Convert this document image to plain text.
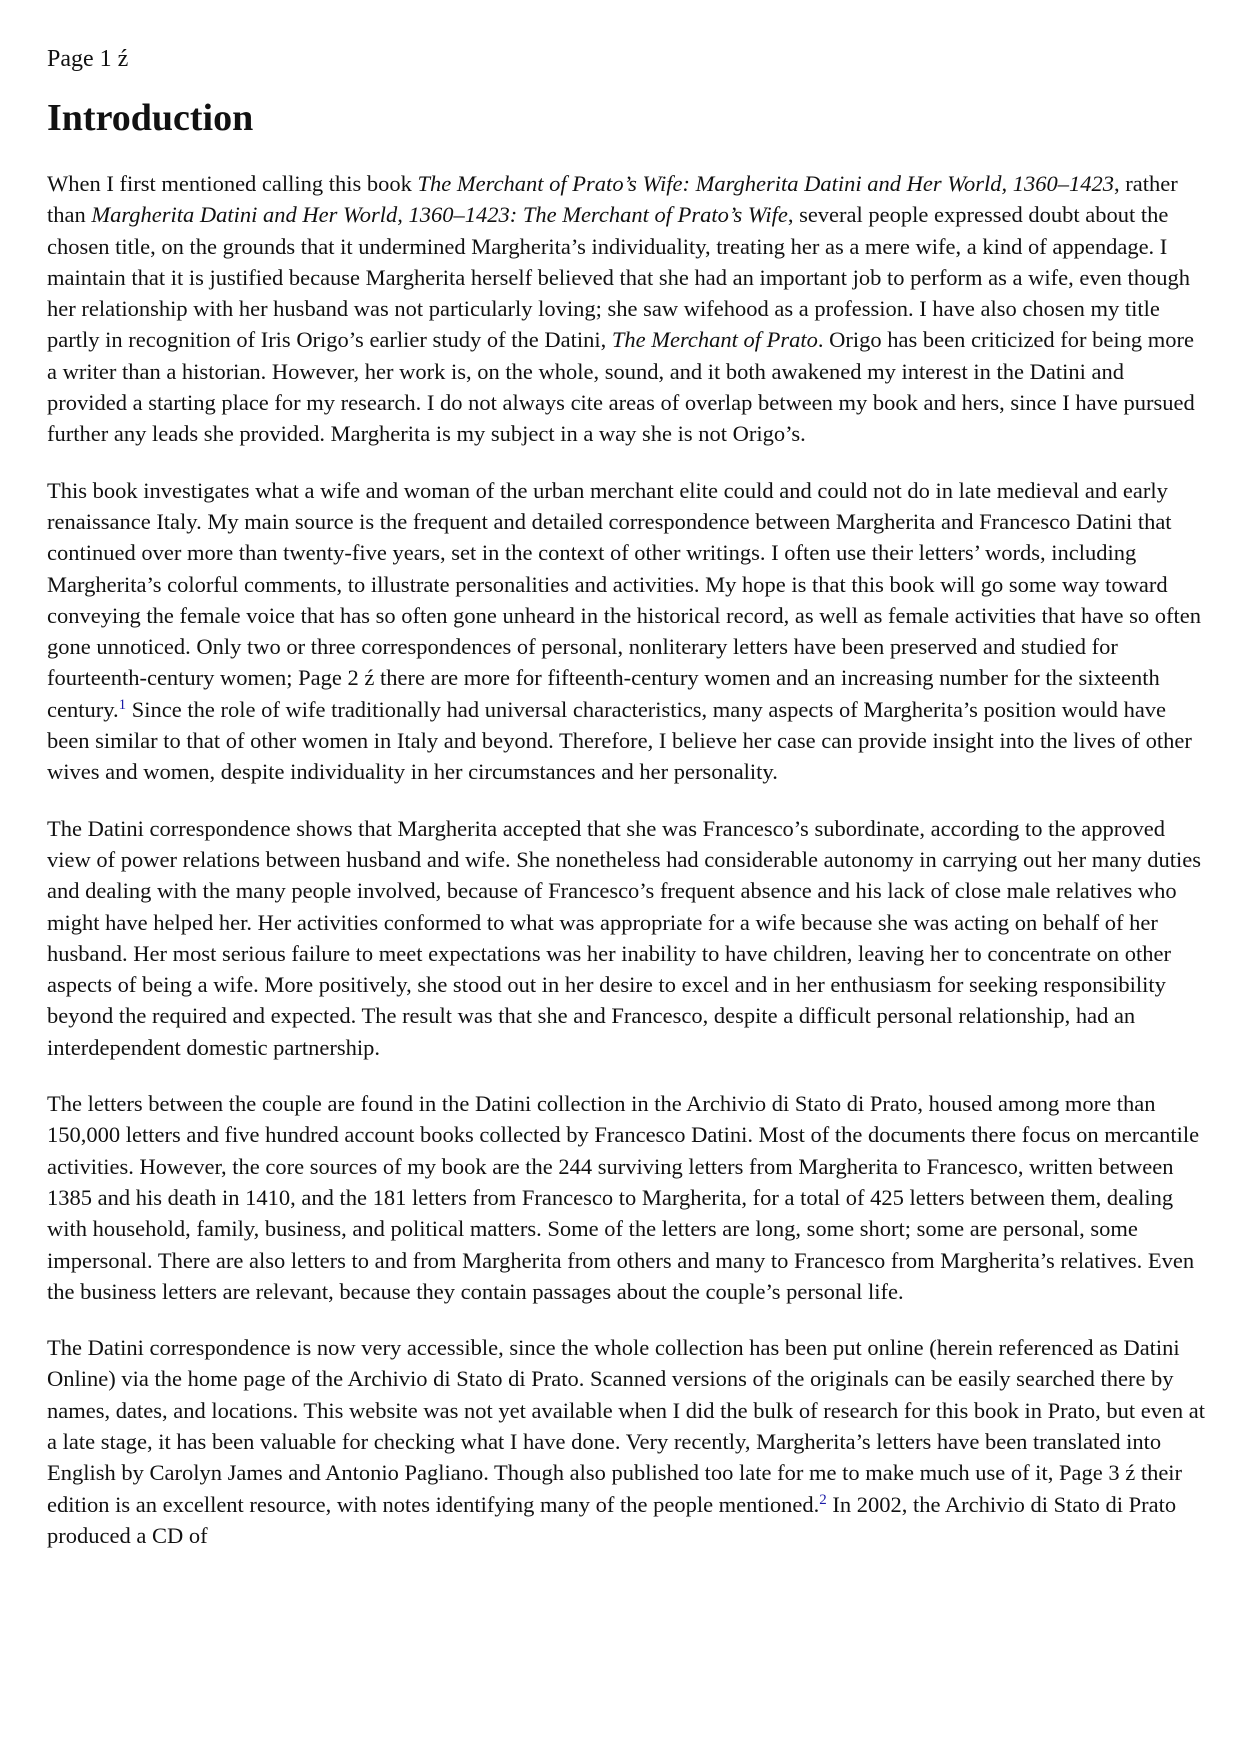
Page 1 ź
Introduction

When I first mentioned calling this book The Merchant of Prato’s Wife: Margherita Datini and Her World, 1360–1423, rather than Margherita Datini and Her World, 1360–1423: The Merchant of Prato’s Wife, several people expressed doubt about the chosen title, on the grounds that it undermined Margherita’s individuality, treating her as a mere wife, a kind of appendage. I maintain that it is justified because Margherita herself believed that she had an important job to perform as a wife, even though her relationship with her husband was not particularly loving; she saw wifehood as a profession. I have also chosen my title partly in recognition of Iris Origo’s earlier study of the Datini, The Merchant of Prato. Origo has been criticized for being more a writer than a historian. However, her work is, on the whole, sound, and it both awakened my interest in the Datini and provided a starting place for my research. I do not always cite areas of overlap between my book and hers, since I have pursued further any leads she provided. Margherita is my subject in a way she is not Origo’s.

This book investigates what a wife and woman of the urban merchant elite could and could not do in late medieval and early renaissance Italy. My main source is the frequent and detailed correspondence between Margherita and Francesco Datini that continued over more than twenty-five years, set in the context of other writings. I often use their letters’ words, including Margherita’s colorful comments, to illustrate personalities and activities. My hope is that this book will go some way toward conveying the female voice that has so often gone unheard in the historical record, as well as female activities that have so often gone unnoticed. Only two or three correspondences of personal, nonliterary letters have been preserved and studied for fourteenth-century women; Page 2 ź there are more for fifteenth-century women and an increasing number for the sixteenth century.$^1$ Since the role of wife traditionally had universal characteristics, many aspects of Margherita’s position would have been similar to that of other women in Italy and beyond. Therefore, I believe her case can provide insight into the lives of other wives and women, despite individuality in her circumstances and her personality.

The Datini correspondence shows that Margherita accepted that she was Francesco’s subordinate, according to the approved view of power relations between husband and wife. She nonetheless had considerable autonomy in carrying out her many duties and dealing with the many people involved, because of Francesco’s frequent absence and his lack of close male relatives who might have helped her. Her activities conformed to what was appropriate for a wife because she was acting on behalf of her husband. Her most serious failure to meet expectations was her inability to have children, leaving her to concentrate on other aspects of being a wife. More positively, she stood out in her desire to excel and in her enthusiasm for seeking responsibility beyond the required and expected. The result was that she and Francesco, despite a difficult personal relationship, had an interdependent domestic partnership.

The letters between the couple are found in the Datini collection in the Archivio di Stato di Prato, housed among more than 150,000 letters and five hundred account books collected by Francesco Datini. Most of the documents there focus on mercantile activities. However, the core sources of my book are the 244 surviving letters from Margherita to Francesco, written between 1385 and his death in 1410, and the 181 letters from Francesco to Margherita, for a total of 425 letters between them, dealing with household, family, business, and political matters. Some of the letters are long, some short; some are personal, some impersonal. There are also letters to and from Margherita from others and many to Francesco from Margherita’s relatives. Even the business letters are relevant, because they contain passages about the couple’s personal life.

The Datini correspondence is now very accessible, since the whole collection has been put online (herein referenced as Datini Online) via the home page of the Archivio di Stato di Prato. Scanned versions of the originals can be easily searched there by names, dates, and locations. This website was not yet available when I did the bulk of research for this book in Prato, but even at a late stage, it has been valuable for checking what I have done. Very recently, Margherita’s letters have been translated into English by Carolyn James and Antonio Pagliano. Though also published too late for me to make much use of it, Page 3 ź their edition is an excellent resource, with notes identifying many of the people mentioned.$^2$ In 2002, the Archivio di Stato di Prato produced a CD of
